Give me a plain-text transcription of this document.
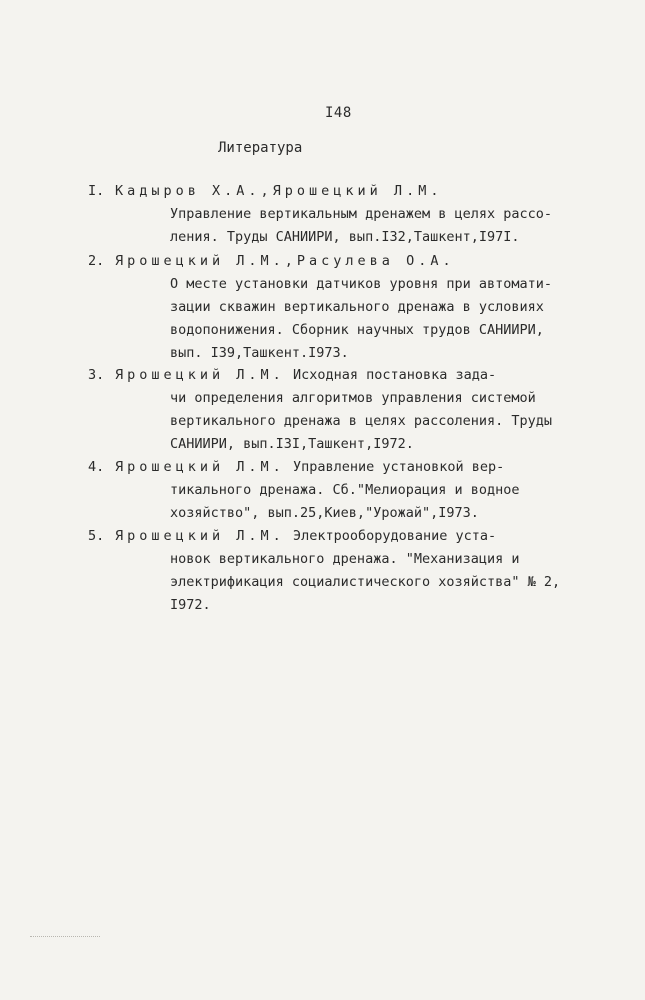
I48
Литература
I. Кадыров Х.А.,Ярошецкий Л.М.
Управление вертикальным дренажем в целях рассо-
ления. Труды САНИИРИ, вып.I32,Ташкент,I97I.
2. Ярошецкий Л.М.,Расулева О.А.
О месте установки датчиков уровня при автомати-
зации скважин вертикального дренажа в условиях
водопонижения. Сборник научных трудов САНИИРИ,
вып. I39,Ташкент.I973.
3. Ярошецкий Л.М. Исходная постановка зада-
чи определения алгоритмов управления системой
вертикального дренажа в целях рассоления. Труды
САНИИРИ, вып.I3I,Ташкент,I972.
4. Ярошецкий Л.М. Управление установкой вер-
тикального дренажа. Сб."Мелиорация и водное
хозяйство", вып.25,Киев,"Урожай",I973.
5. Ярошецкий Л.М. Электрооборудование уста-
новок вертикального дренажа. "Механизация и
электрификация социалистического хозяйства" № 2,
I972.
